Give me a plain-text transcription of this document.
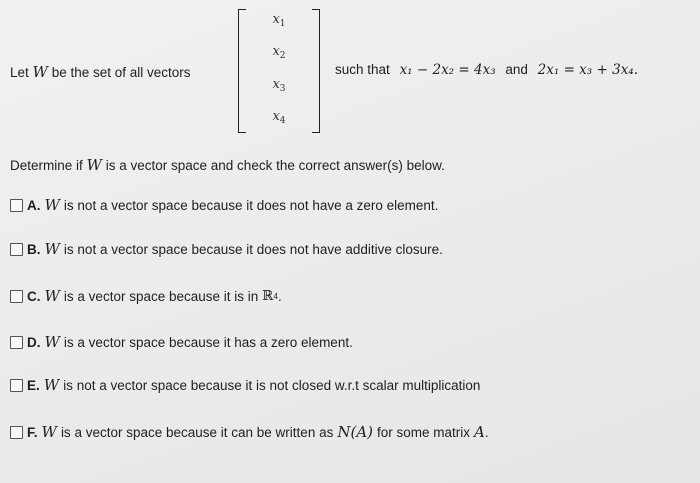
Let W be the set of all vectors
$x_1$
$x_2$
$x_3$
$x_4$
such that x₁ − 2x₂ = 4x₃ and 2x₁ = x₃ + 3x₄.
Determine if W is a vector space and check the correct answer(s) below.
A. W is not a vector space because it does not have a zero element.
B. W is not a vector space because it does not have additive closure.
C. W is a vector space because it is in ℝ 4 .
D. W is a vector space because it has a zero element.
E. W is not a vector space because it is not closed w.r.t scalar multiplication
F. W is a vector space because it can be written as N(A) for some matrix A .
